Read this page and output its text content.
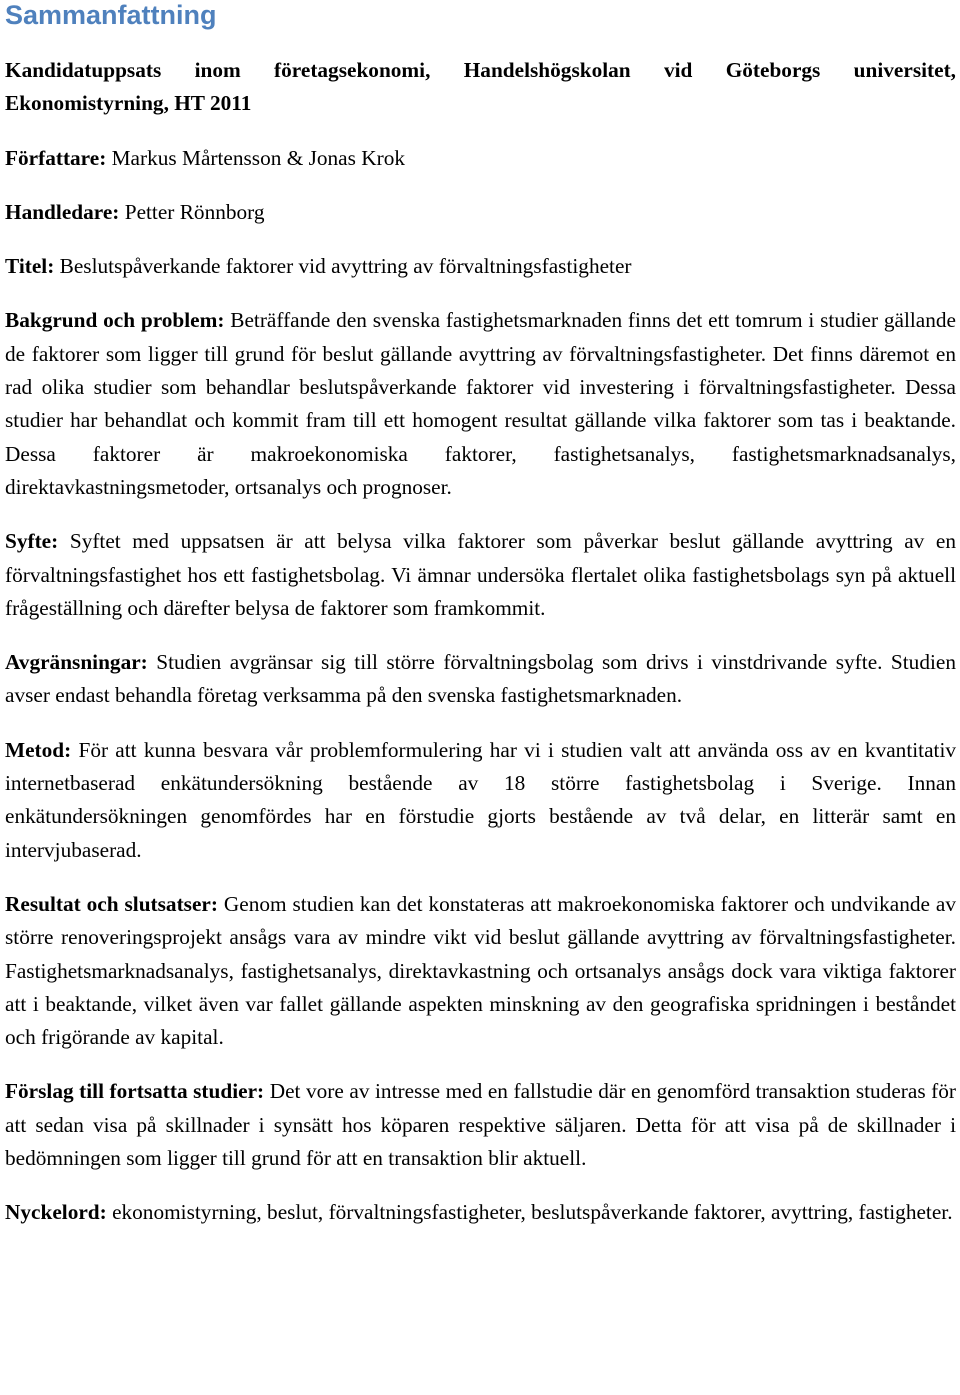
Sammanfattning

Kandidatuppsats inom företagsekonomi, Handelshögskolan vid Göteborgs universitet, Ekonomistyrning, HT 2011

Författare: Markus Mårtensson & Jonas Krok

Handledare: Petter Rönnborg

Titel: Beslutspåverkande faktorer vid avyttring av förvaltningsfastigheter

Bakgrund och problem: Beträffande den svenska fastighetsmarknaden finns det ett tomrum i studier gällande de faktorer som ligger till grund för beslut gällande avyttring av förvaltningsfastigheter. Det finns däremot en rad olika studier som behandlar beslutspåverkande faktorer vid investering i förvaltningsfastigheter. Dessa studier har behandlat och kommit fram till ett homogent resultat gällande vilka faktorer som tas i beaktande. Dessa faktorer är makroekonomiska faktorer, fastighetsanalys, fastighetsmarknadsanalys, direktavkastningsmetoder, ortsanalys och prognoser.

Syfte: Syftet med uppsatsen är att belysa vilka faktorer som påverkar beslut gällande avyttring av en förvaltningsfastighet hos ett fastighetsbolag. Vi ämnar undersöka flertalet olika fastighetsbolags syn på aktuell frågeställning och därefter belysa de faktorer som framkommit.

Avgränsningar: Studien avgränsar sig till större förvaltningsbolag som drivs i vinstdrivande syfte. Studien avser endast behandla företag verksamma på den svenska fastighetsmarknaden.

Metod: För att kunna besvara vår problemformulering har vi i studien valt att använda oss av en kvantitativ internetbaserad enkätundersökning bestående av 18 större fastighetsbolag i Sverige. Innan enkätundersökningen genomfördes har en förstudie gjorts bestående av två delar, en litterär samt en intervjubaserad.

Resultat och slutsatser: Genom studien kan det konstateras att makroekonomiska faktorer och undvikande av större renoveringsprojekt ansågs vara av mindre vikt vid beslut gällande avyttring av förvaltningsfastigheter. Fastighetsmarknadsanalys, fastighetsanalys, direktavkastning och ortsanalys ansågs dock vara viktiga faktorer att i beaktande, vilket även var fallet gällande aspekten minskning av den geografiska spridningen i beståndet och frigörande av kapital.

Förslag till fortsatta studier: Det vore av intresse med en fallstudie där en genomförd transaktion studeras för att sedan visa på skillnader i synsätt hos köparen respektive säljaren. Detta för att visa på de skillnader i bedömningen som ligger till grund för att en transaktion blir aktuell.

Nyckelord: ekonomistyrning, beslut, förvaltningsfastigheter, beslutspåverkande faktorer, avyttring, fastigheter.
